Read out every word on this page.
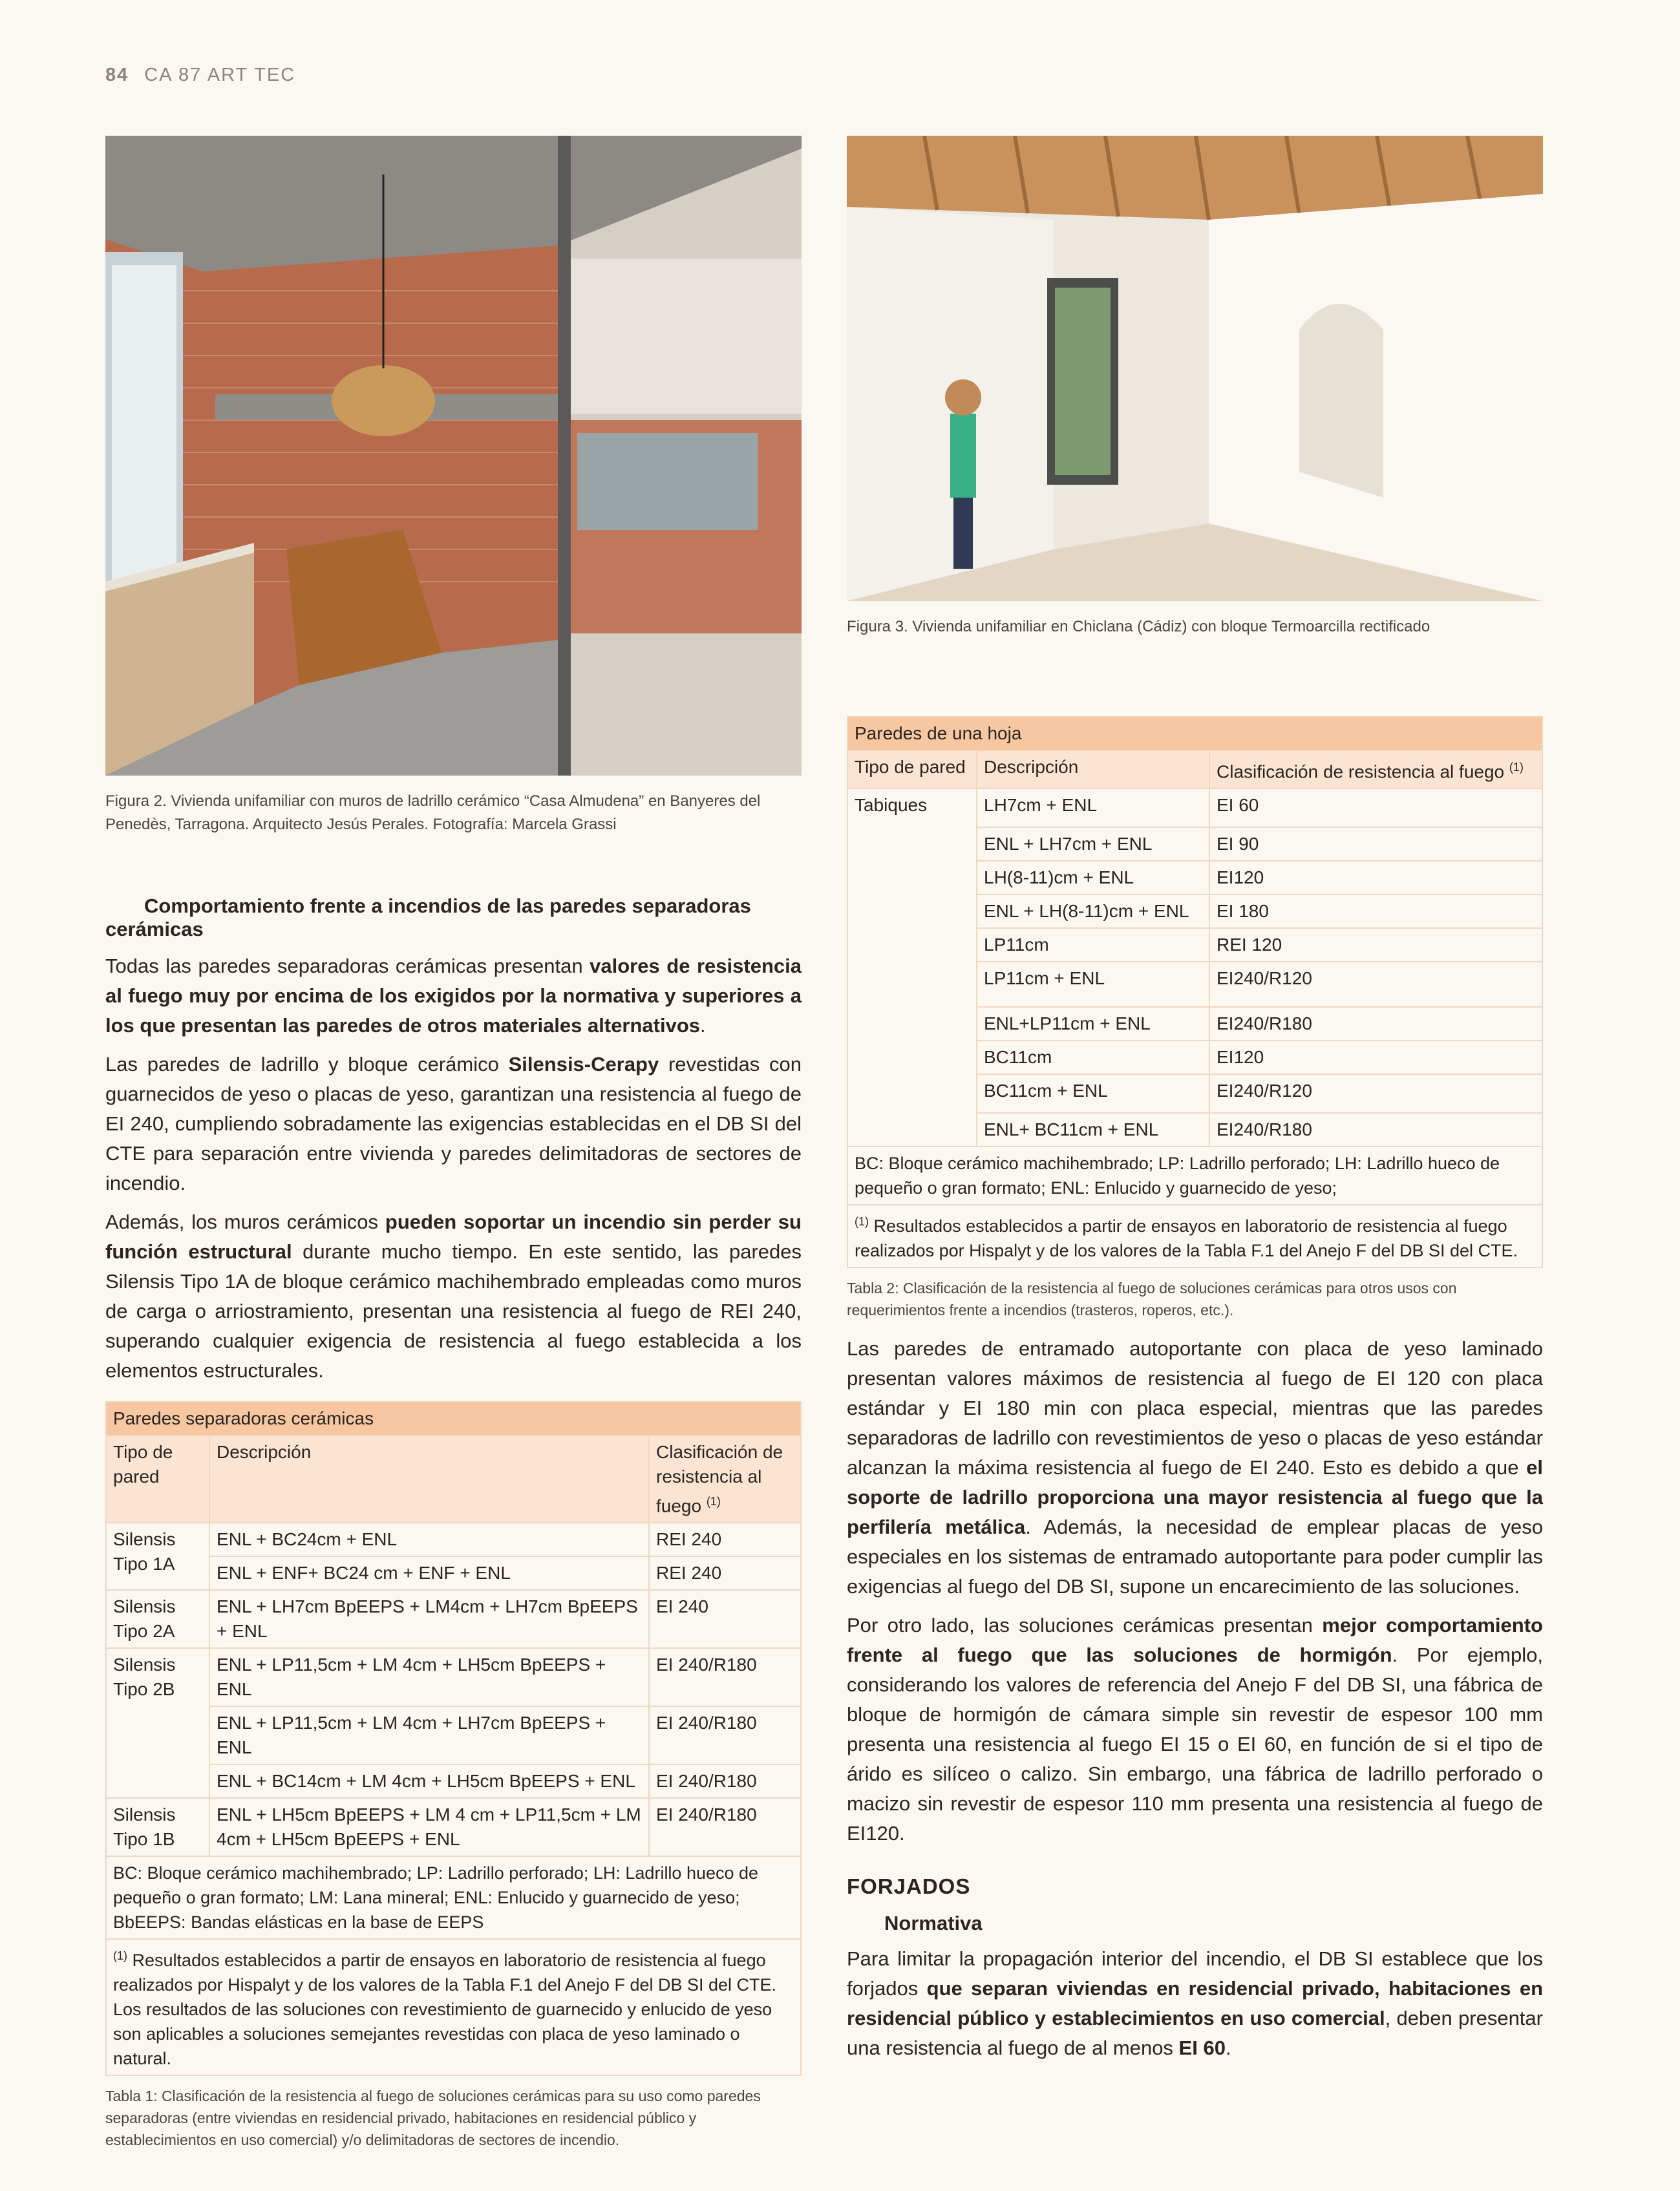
84 CA 87 ART TEC
Figura 2. Vivienda unifamiliar con muros de ladrillo cerámico “Casa Almudena” en Banyeres del Penedès, Tarragona. Arquitecto Jesús Perales. Fotografía: Marcela Grassi
Comportamiento frente a incendios de las paredes separadoras cerámicas

Todas las paredes separadoras cerámicas presentan valores de resistencia al fuego muy por encima de los exigidos por la normativa y superiores a los que presentan las paredes de otros materiales alternativos.

Las paredes de ladrillo y bloque cerámico Silensis-Cerapy revestidas con guarnecidos de yeso o placas de yeso, garantizan una resistencia al fuego de EI 240, cumpliendo sobradamente las exigencias establecidas en el DB SI del CTE para separación entre vivienda y paredes delimitadoras de sectores de incendio.

Además, los muros cerámicos pueden soportar un incendio sin perder su función estructural durante mucho tiempo. En este sentido, las paredes Silensis Tipo 1A de bloque cerámico machihembrado empleadas como muros de carga o arriostramiento, presentan una resistencia al fuego de REI 240, superando cualquier exigencia de resistencia al fuego establecida a los elementos estructurales.

Paredes separadoras cerámicas		
Tipo de pared	Descripción	Clasificación de resistencia al fuego $^{(1)}$
Silensis Tipo 1A	ENL + BC24cm + ENL	REI 240
	ENL + ENF+ BC24 cm + ENF + ENL	REI 240
Silensis Tipo 2A	ENL + LH7cm BpEEPS + LM4cm + LH7cm BpEEPS + ENL	EI 240
Silensis Tipo 2B	ENL + LP11,5cm + LM 4cm + LH5cm BpEEPS + ENL	EI 240/R180
	ENL + LP11,5cm + LM 4cm + LH7cm BpEEPS + ENL	EI 240/R180
	ENL + BC14cm + LM 4cm + LH5cm BpEEPS + ENL	EI 240/R180
Silensis Tipo 1B	ENL + LH5cm BpEEPS + LM 4 cm + LP11,5cm + LM 4cm + LH5cm BpEEPS + ENL	EI 240/R180
BC: Bloque cerámico machihembrado; LP: Ladrillo perforado; LH: Ladrillo hueco de pequeño o gran formato; LM: Lana mineral; ENL: Enlucido y guarnecido de yeso; BbEEPS: Bandas elásticas en la base de EEPS		
$^{(1)}$ Resultados establecidos a partir de ensayos en laboratorio de resistencia al fuego realizados por Hispalyt y de los valores de la Tabla F.1 del Anejo F del DB SI del CTE. Los resultados de las soluciones con revestimiento de guarnecido y enlucido de yeso son aplicables a soluciones semejantes revestidas con placa de yeso laminado o natural.		
Tabla 1: Clasificación de la resistencia al fuego de soluciones cerámicas para su uso como paredes separadoras (entre viviendas en residencial privado, habitaciones en residencial público y establecimientos en uso comercial) y/o delimitadoras de sectores de incendio.
Figura 3. Vivienda unifamiliar en Chiclana (Cádiz) con bloque Termoarcilla rectificado
Paredes de una hoja		
Tipo de pared	Descripción	Clasificación de resistencia al fuego $^{(1)}$
Tabiques	LH7cm + ENL	EI 60
	ENL + LH7cm + ENL	EI 90
	LH(8-11)cm + ENL	EI120
	ENL + LH(8-11)cm + ENL	EI 180
	LP11cm	REI 120
	LP11cm + ENL	EI240/R120
	ENL+LP11cm + ENL	EI240/R180
	BC11cm	EI120
	BC11cm + ENL	EI240/R120
	ENL+ BC11cm + ENL	EI240/R180
BC: Bloque cerámico machihembrado; LP: Ladrillo perforado; LH: Ladrillo hueco de pequeño o gran formato; ENL: Enlucido y guarnecido de yeso;		
$^{(1)}$ Resultados establecidos a partir de ensayos en laboratorio de resistencia al fuego realizados por Hispalyt y de los valores de la Tabla F.1 del Anejo F del DB SI del CTE.		
Tabla 2: Clasificación de la resistencia al fuego de soluciones cerámicas para otros usos con requerimientos frente a incendios (trasteros, roperos, etc.).

Las paredes de entramado autoportante con placa de yeso laminado presentan valores máximos de resistencia al fuego de EI 120 con placa estándar y EI 180 min con placa especial, mientras que las paredes separadoras de ladrillo con revestimientos de yeso o placas de yeso estándar alcanzan la máxima resistencia al fuego de EI 240. Esto es debido a que el soporte de ladrillo proporciona una mayor resistencia al fuego que la perfilería metálica. Además, la necesidad de emplear placas de yeso especiales en los sistemas de entramado autoportante para poder cumplir las exigencias al fuego del DB SI, supone un encarecimiento de las soluciones.

Por otro lado, las soluciones cerámicas presentan mejor comportamiento frente al fuego que las soluciones de hormigón. Por ejemplo, considerando los valores de referencia del Anejo F del DB SI, una fábrica de bloque de hormigón de cámara simple sin revestir de espesor 100 mm presenta una resistencia al fuego EI 15 o EI 60, en función de si el tipo de árido es silíceo o calizo. Sin embargo, una fábrica de ladrillo perforado o macizo sin revestir de espesor 110 mm presenta una resistencia al fuego de EI120.

FORJADOS
Normativa

Para limitar la propagación interior del incendio, el DB SI establece que los forjados que separan viviendas en residencial privado, habitaciones en residencial público y establecimientos en uso comercial, deben presentar una resistencia al fuego de al menos EI 60.
